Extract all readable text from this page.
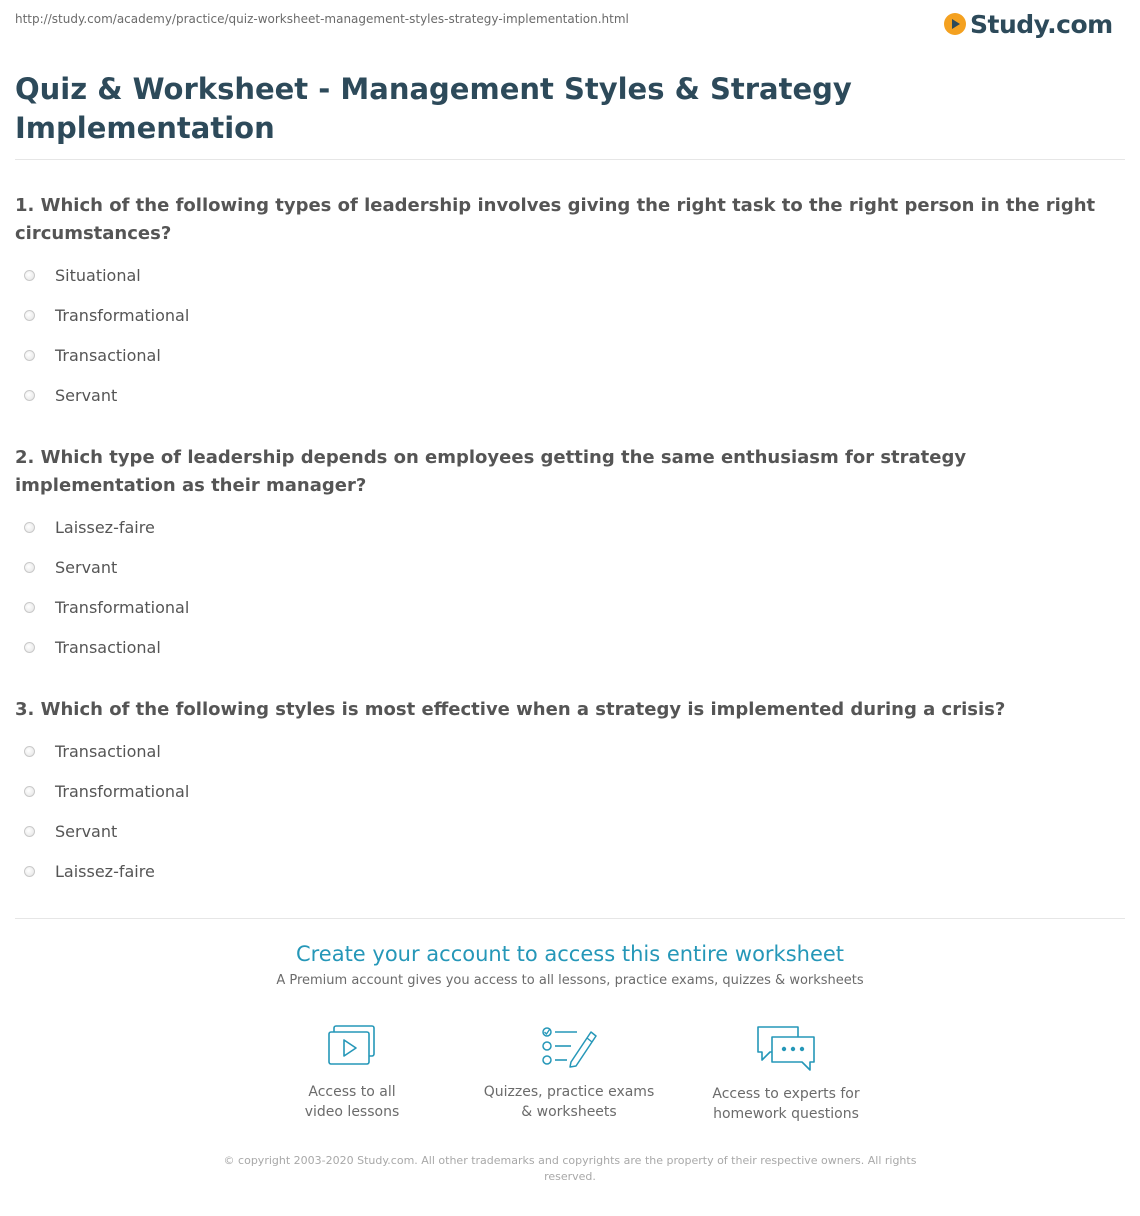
http://study.com/academy/practice/quiz-worksheet-management-styles-strategy-implementation.html	Study.com
Quiz & Worksheet - Management Styles & Strategy Implementation

1. Which of the following types of leadership involves giving the right task to the right person in the right circumstances?

Situational
Transformational
Transactional
Servant

2. Which type of leadership depends on employees getting the same enthusiasm for strategy implementation as their manager?

Laissez-faire
Servant
Transformational
Transactional

3. Which of the following styles is most effective when a strategy is implemented during a crisis?

Transactional
Transformational
Servant
Laissez-faire
Create your account to access this entire worksheet
A Premium account gives you access to all lessons, practice exams, quizzes & worksheets
Access to all
video lessons
Quizzes, practice exams
& worksheets
Access to experts for
homework questions
© copyright 2003-2020 Study.com. All other trademarks and copyrights are the property of their respective owners. All rights reserved.
